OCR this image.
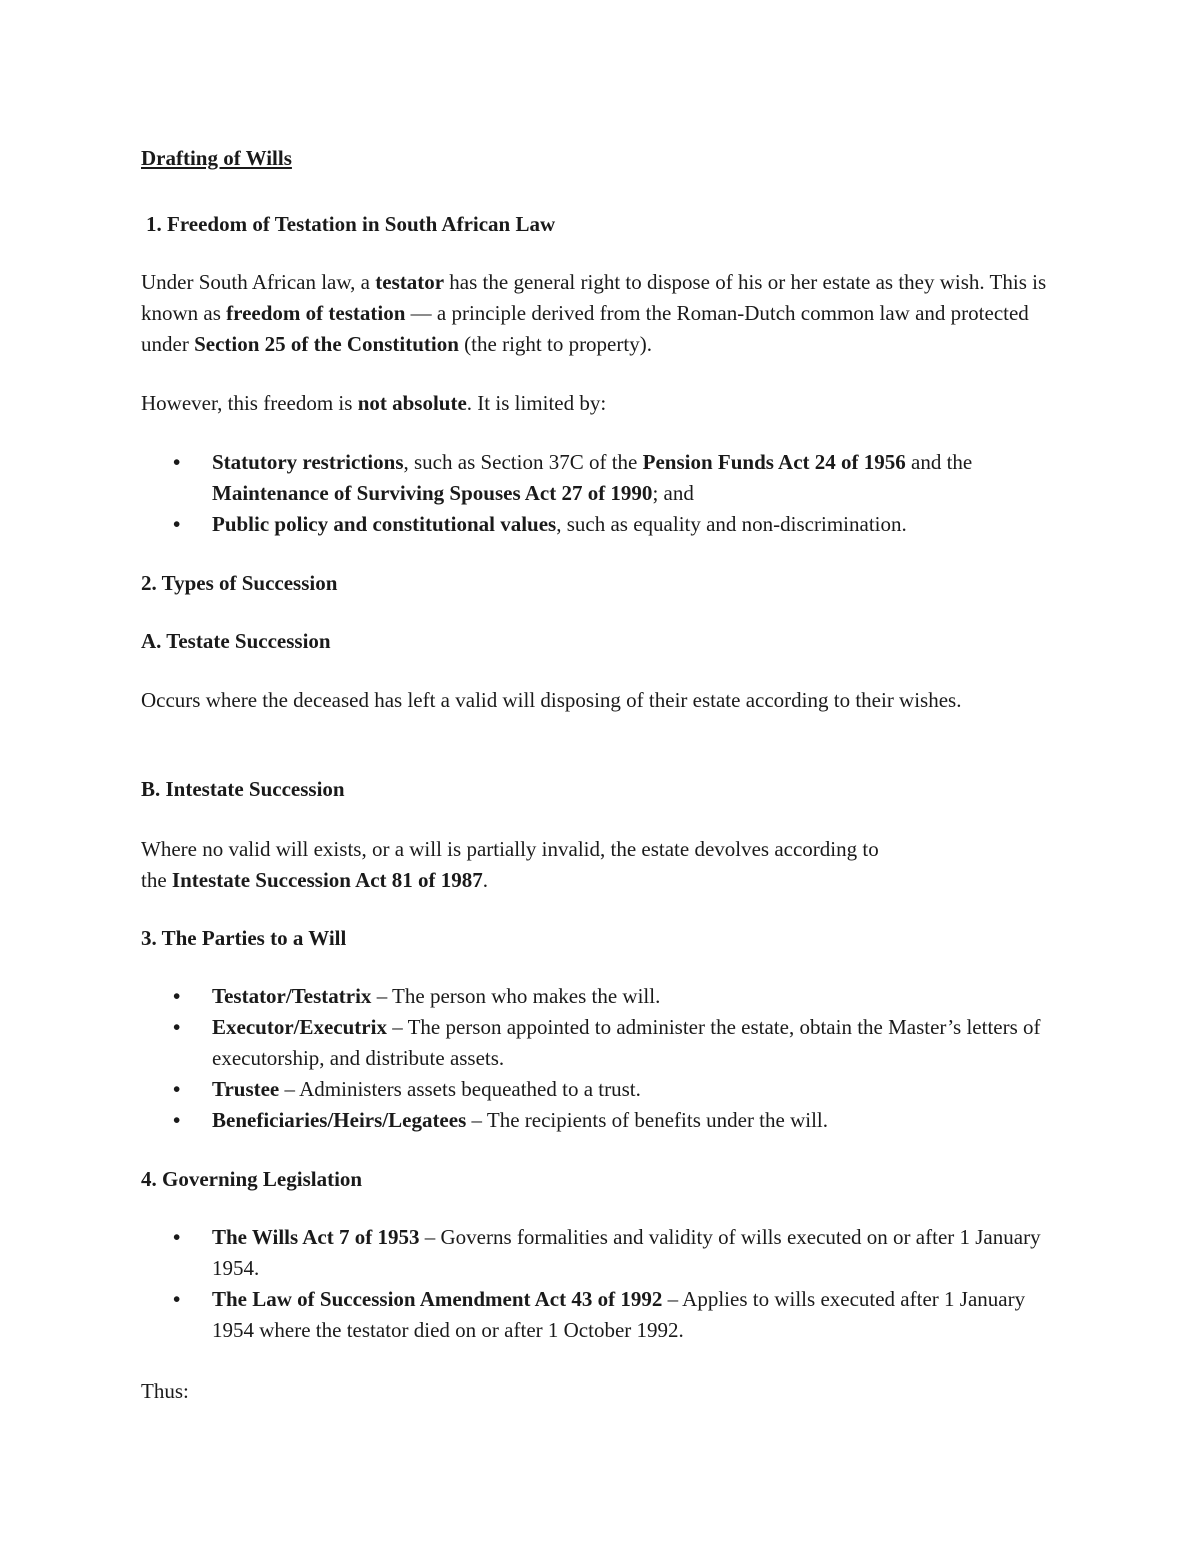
Drafting of Wills
1. Freedom of Testation in South African Law
Under South African law, a testator has the general right to dispose of his or her estate as they wish. This is known as freedom of testation — a principle derived from the Roman-Dutch common law and protected under Section 25 of the Constitution (the right to property).
However, this freedom is not absolute. It is limited by:
• Statutory restrictions, such as Section 37C of the Pension Funds Act 24 of 1956 and the Maintenance of Surviving Spouses Act 27 of 1990; and
• Public policy and constitutional values, such as equality and non-discrimination.
2. Types of Succession
A. Testate Succession
Occurs where the deceased has left a valid will disposing of their estate according to their wishes.
B. Intestate Succession
Where no valid will exists, or a will is partially invalid, the estate devolves according to
the Intestate Succession Act 81 of 1987.
3. The Parties to a Will
• Testator/Testatrix – The person who makes the will.
• Executor/Executrix – The person appointed to administer the estate, obtain the Master’s letters of executorship, and distribute assets.
• Trustee – Administers assets bequeathed to a trust.
• Beneficiaries/Heirs/Legatees – The recipients of benefits under the will.
4. Governing Legislation
• The Wills Act 7 of 1953 – Governs formalities and validity of wills executed on or after 1 January 1954.
• The Law of Succession Amendment Act 43 of 1992 – Applies to wills executed after 1 January 1954 where the testator died on or after 1 October 1992.
Thus:
